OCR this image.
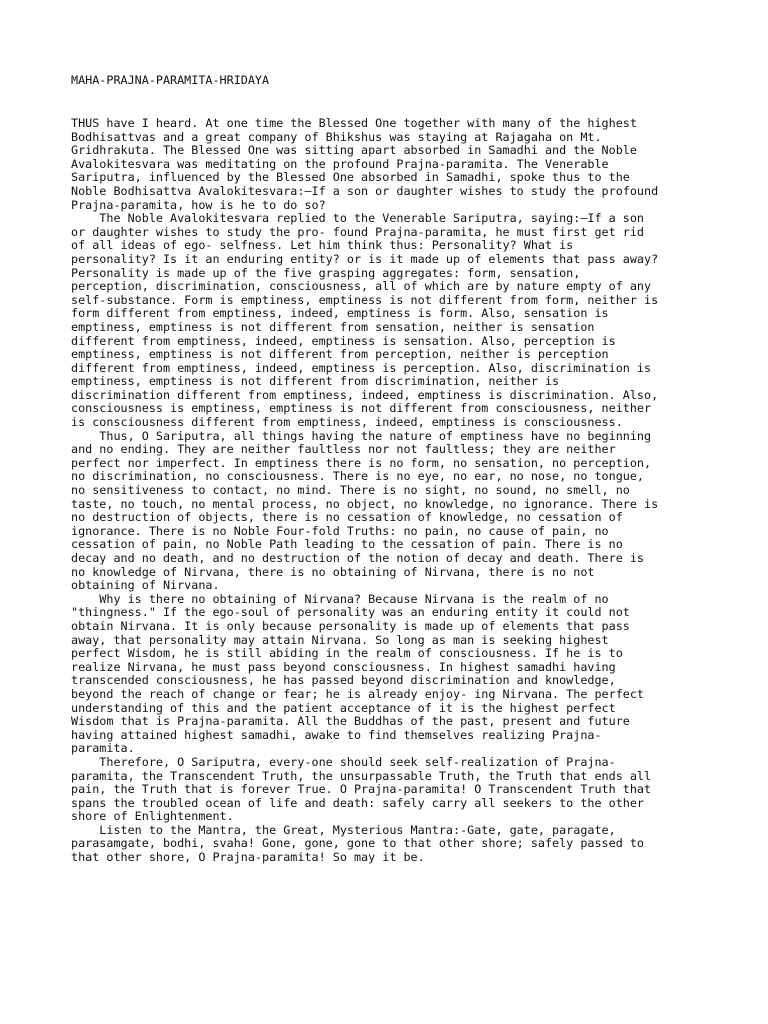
MAHA-PRAJNA-PARAMITA-HRIDAYA
THUS have I heard. At one time the Blessed One together with many of the highest
Bodhisattvas and a great company of Bhikshus was staying at Rajagaha on Mt.
Gridhrakuta. The Blessed One was sitting apart absorbed in Samadhi and the Noble
Avalokitesvara was meditating on the profound Prajna-paramita. The Venerable
Sariputra, influenced by the Blessed One absorbed in Samadhi, spoke thus to the
Noble Bodhisattva Avalokitesvara:—If a son or daughter wishes to study the profound
Prajna-paramita, how is he to do so?
The Noble Avalokitesvara replied to the Venerable Sariputra, saying:—If a son
or daughter wishes to study the pro- found Prajna-paramita, he must first get rid
of all ideas of ego- selfness. Let him think thus: Personality? What is
personality? Is it an enduring entity? or is it made up of elements that pass away?
Personality is made up of the five grasping aggregates: form, sensation,
perception, discrimination, consciousness, all of which are by nature empty of any
self-substance. Form is emptiness, emptiness is not different from form, neither is
form different from emptiness, indeed, emptiness is form. Also, sensation is
emptiness, emptiness is not different from sensation, neither is sensation
different from emptiness, indeed, emptiness is sensation. Also, perception is
emptiness, emptiness is not different from perception, neither is perception
different from emptiness, indeed, emptiness is perception. Also, discrimination is
emptiness, emptiness is not different from discrimination, neither is
discrimination different from emptiness, indeed, emptiness is discrimination. Also,
consciousness is emptiness, emptiness is not different from consciousness, neither
is consciousness different from emptiness, indeed, emptiness is consciousness.
Thus, O Sariputra, all things having the nature of emptiness have no beginning
and no ending. They are neither faultless nor not faultless; they are neither
perfect nor imperfect. In emptiness there is no form, no sensation, no perception,
no discrimination, no consciousness. There is no eye, no ear, no nose, no tongue,
no sensitiveness to contact, no mind. There is no sight, no sound, no smell, no
taste, no touch, no mental process, no object, no knowledge, no ignorance. There is
no destruction of objects, there is no cessation of knowledge, no cessation of
ignorance. There is no Noble Four-fold Truths: no pain, no cause of pain, no
cessation of pain, no Noble Path leading to the cessation of pain. There is no
decay and no death, and no destruction of the notion of decay and death. There is
no knowledge of Nirvana, there is no obtaining of Nirvana, there is no not
obtaining of Nirvana.
Why is there no obtaining of Nirvana? Because Nirvana is the realm of no
"thingness." If the ego-soul of personality was an enduring entity it could not
obtain Nirvana. It is only because personality is made up of elements that pass
away, that personality may attain Nirvana. So long as man is seeking highest
perfect Wisdom, he is still abiding in the realm of consciousness. If he is to
realize Nirvana, he must pass beyond consciousness. In highest samadhi having
transcended consciousness, he has passed beyond discrimination and knowledge,
beyond the reach of change or fear; he is already enjoy- ing Nirvana. The perfect
understanding of this and the patient acceptance of it is the highest perfect
Wisdom that is Prajna-paramita. All the Buddhas of the past, present and future
having attained highest samadhi, awake to find themselves realizing Prajna-
paramita.
Therefore, O Sariputra, every-one should seek self-realization of Prajna-
paramita, the Transcendent Truth, the unsurpassable Truth, the Truth that ends all
pain, the Truth that is forever True. O Prajna-paramita! O Transcendent Truth that
spans the troubled ocean of life and death: safely carry all seekers to the other
shore of Enlightenment.
Listen to the Mantra, the Great, Mysterious Mantra:-Gate, gate, paragate,
parasamgate, bodhi, svaha! Gone, gone, gone to that other shore; safely passed to
that other shore, O Prajna-paramita! So may it be.
